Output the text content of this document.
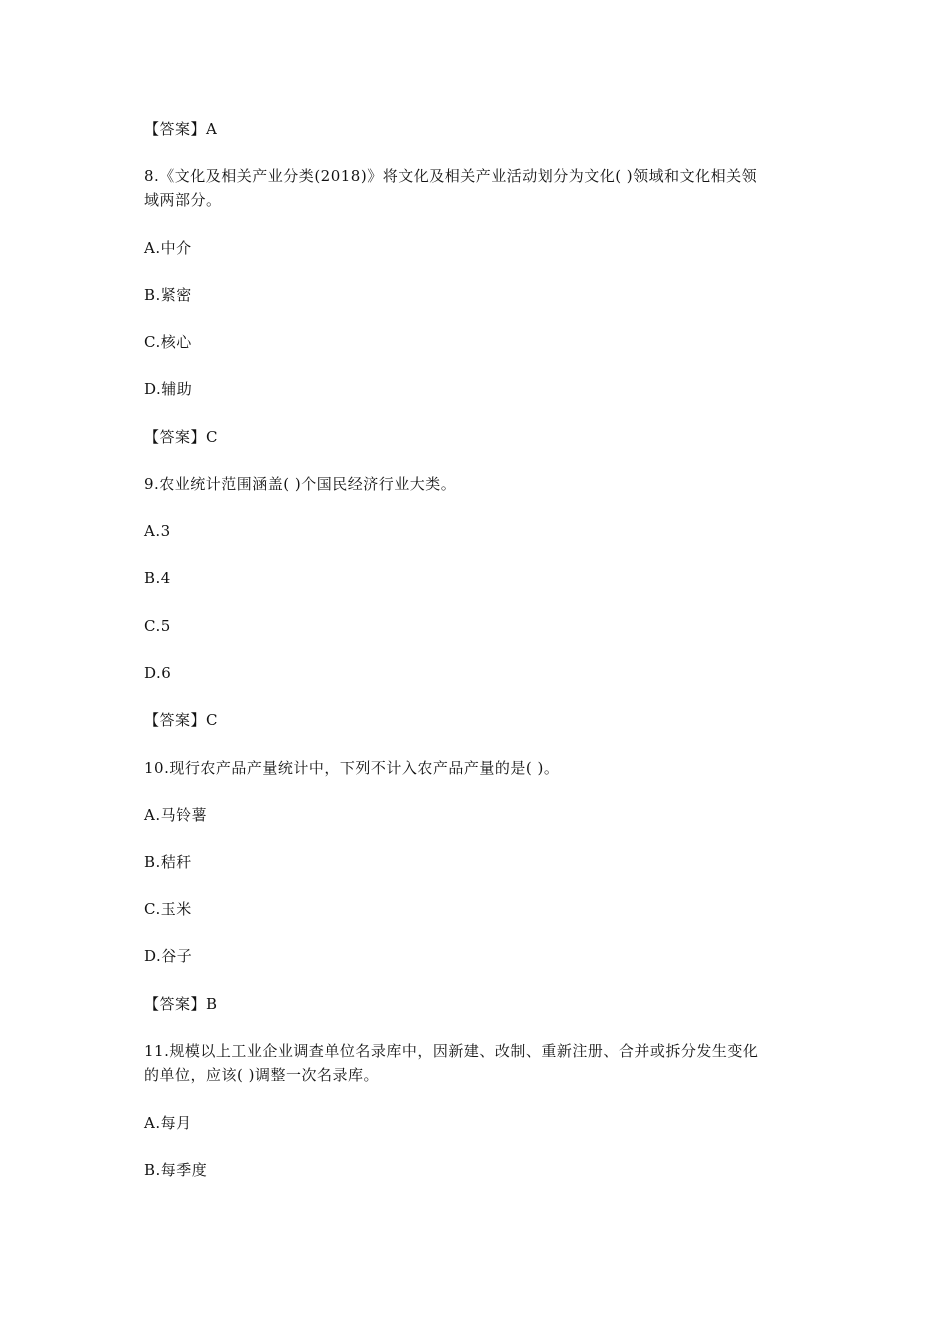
【答案】A
8.《文化及相关产业分类(2018)》将文化及相关产业活动划分为文化( )领域和文化相关领
域两部分。
A.中介
B.紧密
C.核心
D.辅助
【答案】C
9.农业统计范围涵盖( )个国民经济行业大类。
A.3
B.4
C.5
D.6
【答案】C
10.现行农产品产量统计中，下列不计入农产品产量的是( )。
A.马铃薯
B.秸秆
C.玉米
D.谷子
【答案】B
11.规模以上工业企业调查单位名录库中，因新建、改制、重新注册、合并或拆分发生变化
的单位，应该( )调整一次名录库。
A.每月
B.每季度
